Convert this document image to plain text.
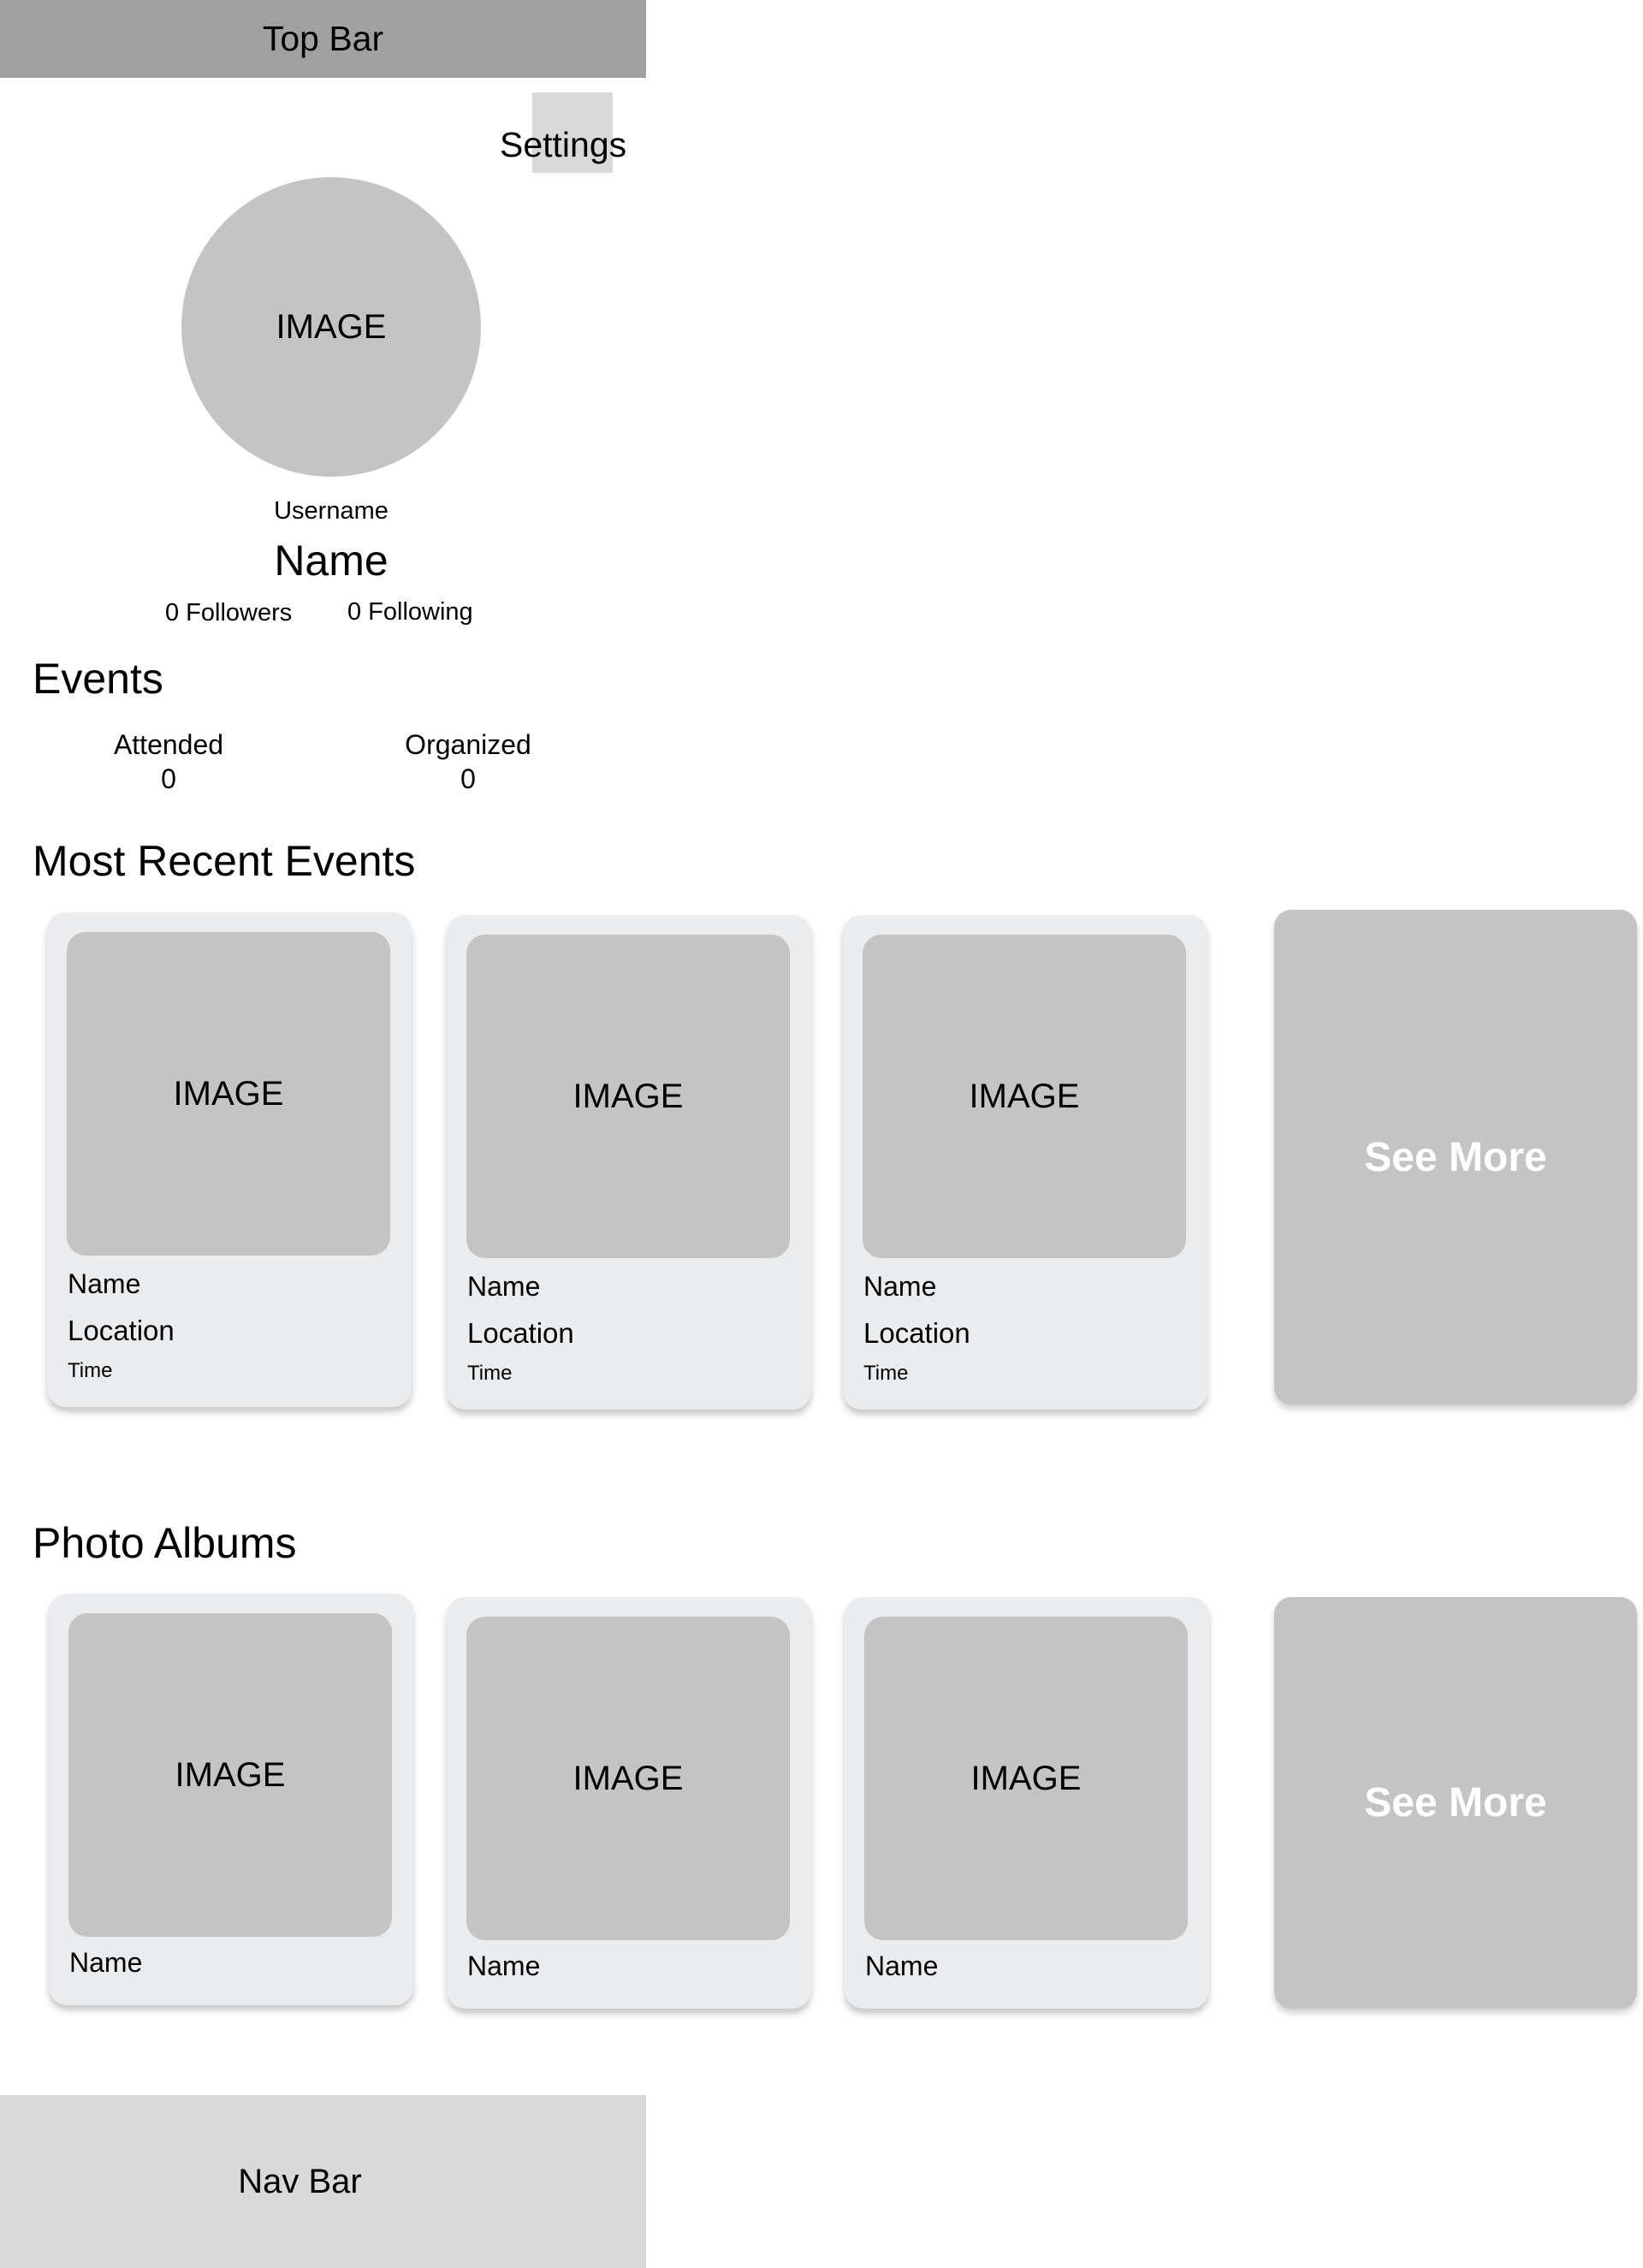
Top Bar
Settings
IMAGE
Username
Name
0 Followers 0 Following
Events
Attended
0
Organized
0
Most Recent Events
IMAGE
Name
Location
Time
IMAGE
Name
Location
Time
IMAGE
Name
Location
Time
See More
Photo Albums
IMAGE
Name
IMAGE
Name
IMAGE
Name
See More
Nav Bar
